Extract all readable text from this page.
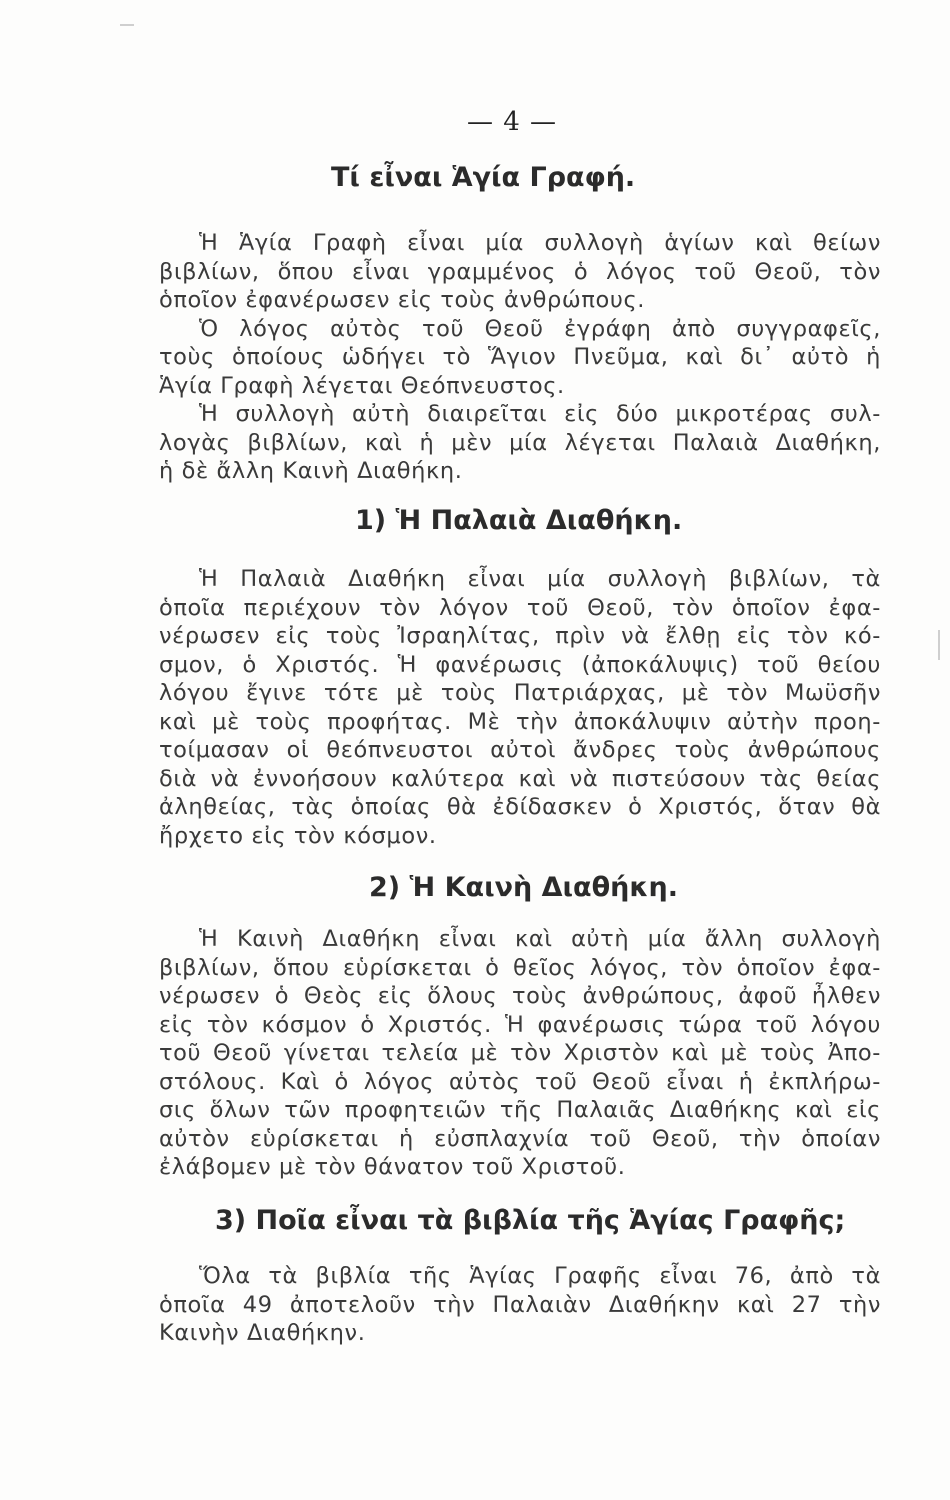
— 4 —
Τί εἶναι Ἁγία Γραφή.
Ἡ Ἁγία Γραφὴ εἶναι μία συλλογὴ ἁγίων καὶ θείων
βιβλίων, ὅπου εἶναι γραμμένος ὁ λόγος τοῦ Θεοῦ, τὸν
ὁποῖον ἐφανέρωσεν εἰς τοὺς ἀνθρώπους.
Ὁ λόγος αὐτὸς τοῦ Θεοῦ ἐγράφη ἀπὸ συγγραφεῖς,
τοὺς ὁποίους ὡδήγει τὸ Ἅγιον Πνεῦμα, καὶ δι᾽ αὐτὸ ἡ
Ἁγία Γραφὴ λέγεται Θεόπνευστος.
Ἡ συλλογὴ αὐτὴ διαιρεῖται εἰς δύο μικροτέρας συλ-
λογὰς βιβλίων, καὶ ἡ μὲν μία λέγεται Παλαιὰ Διαθήκη,
ἡ δὲ ἄλλη Καινὴ Διαθήκη.
1) Ἡ Παλαιὰ Διαθήκη.
Ἡ Παλαιὰ Διαθήκη εἶναι μία συλλογὴ βιβλίων, τὰ
ὁποῖα περιέχουν τὸν λόγον τοῦ Θεοῦ, τὸν ὁποῖον ἐφα-
νέρωσεν εἰς τοὺς Ἰσραηλίτας, πρὶν νὰ ἔλθῃ εἰς τὸν κό-
σμον, ὁ Χριστός. Ἡ φανέρωσις (ἀποκάλυψις) τοῦ θείου
λόγου ἔγινε τότε μὲ τοὺς Πατριάρχας, μὲ τὸν Μωϋσῆν
καὶ μὲ τοὺς προφήτας. Μὲ τὴν ἀποκάλυψιν αὐτὴν προη-
τοίμασαν οἱ θεόπνευστοι αὐτοὶ ἄνδρες τοὺς ἀνθρώπους
διὰ νὰ ἐννοήσουν καλύτερα καὶ νὰ πιστεύσουν τὰς θείας
ἀληθείας, τὰς ὁποίας θὰ ἐδίδασκεν ὁ Χριστός, ὅταν θὰ
ἤρχετο εἰς τὸν κόσμον.
2) Ἡ Καινὴ Διαθήκη.
Ἡ Καινὴ Διαθήκη εἶναι καὶ αὐτὴ μία ἄλλη συλλογὴ
βιβλίων, ὅπου εὑρίσκεται ὁ θεῖος λόγος, τὸν ὁποῖον ἐφα-
νέρωσεν ὁ Θεὸς εἰς ὅλους τοὺς ἀνθρώπους, ἀφοῦ ἦλθεν
εἰς τὸν κόσμον ὁ Χριστός. Ἡ φανέρωσις τώρα τοῦ λόγου
τοῦ Θεοῦ γίνεται τελεία μὲ τὸν Χριστὸν καὶ μὲ τοὺς Ἀπο-
στόλους. Καὶ ὁ λόγος αὐτὸς τοῦ Θεοῦ εἶναι ἡ ἐκπλήρω-
σις ὅλων τῶν προφητειῶν τῆς Παλαιᾶς Διαθήκης καὶ εἰς
αὐτὸν εὑρίσκεται ἡ εὐσπλαχνία τοῦ Θεοῦ, τὴν ὁποίαν
ἐλάβομεν μὲ τὸν θάνατον τοῦ Χριστοῦ.
3) Ποῖα εἶναι τὰ βιβλία τῆς Ἁγίας Γραφῆς;
Ὅλα τὰ βιβλία τῆς Ἁγίας Γραφῆς εἶναι 76, ἀπὸ τὰ
ὁποῖα 49 ἀποτελοῦν τὴν Παλαιὰν Διαθήκην καὶ 27 τὴν
Καινὴν Διαθήκην.
